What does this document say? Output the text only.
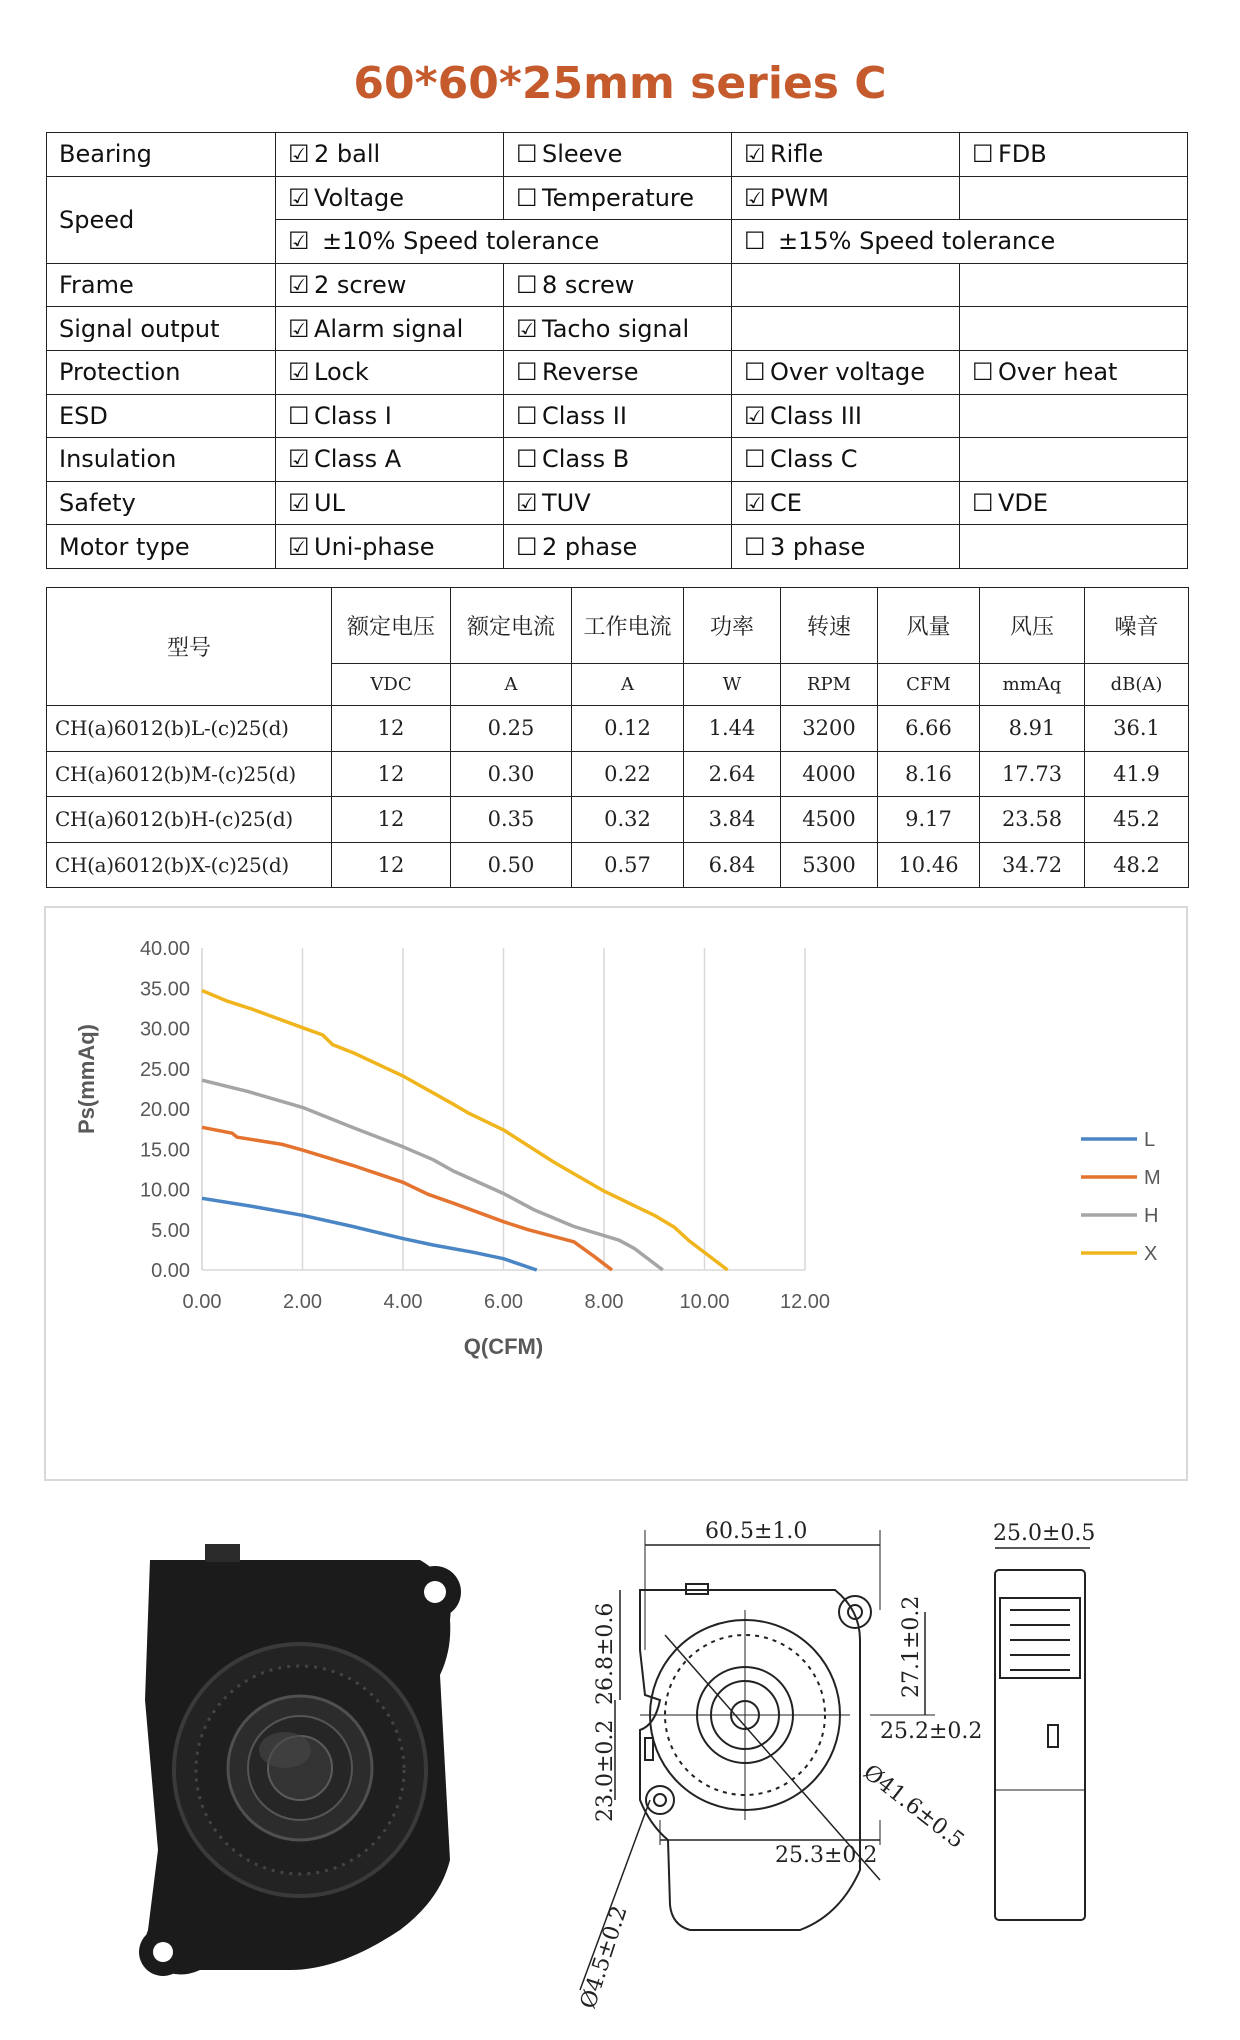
60*60*25mm series C
Bearing	☑ 2 ball	☐ Sleeve	☑ Rifle	☐ FDB
Speed	☑ Voltage	☐ Temperature	☑ PWM	
	☑ ±10% Speed tolerance		☐ ±15% Speed tolerance	
Frame	☑ 2 screw	☐ 8 screw		
Signal output	☑ Alarm signal	☑ Tacho signal		
Protection	☑ Lock	☐ Reverse	☐ Over voltage	☐ Over heat
ESD	☐ Class I	☐ Class II	☑ Class III	
Insulation	☑ Class A	☐ Class B	☐ Class C	
Safety	☑ UL	☑ TUV	☑ CE	☐ VDE
Motor type	☑ Uni-phase	☐ 2 phase	☐ 3 phase	
型号	额定电压	额定电流	工作电流	功率	转速	风量	风压	噪音
	VDC	A	A	W	RPM	CFM	mmAq	dB(A)
CH(a)6012(b)L-(c)25(d)	12	0.25	0.12	1.44	3200	6.66	8.91	36.1
CH(a)6012(b)M-(c)25(d)	12	0.30	0.22	2.64	4000	8.16	17.73	41.9
CH(a)6012(b)H-(c)25(d)	12	0.35	0.32	3.84	4500	9.17	23.58	45.2
CH(a)6012(b)X-(c)25(d)	12	0.50	0.57	6.84	5300	10.46	34.72	48.2
0.00
5.00
10.00
15.00
20.00
25.00
30.00
35.00
40.00
0.00	2.00	4.00	6.00	8.00	10.00	12.00
Q(CFM)
Ps(mmAq)
L
M
H
X
60.5±1.0	25.0±0.5
26.8±0.6	27.1±0.2
25.2±0.2
23.0±0.2	Ø41.6±0.5
25.3±0.2
Ø4.5±0.2
